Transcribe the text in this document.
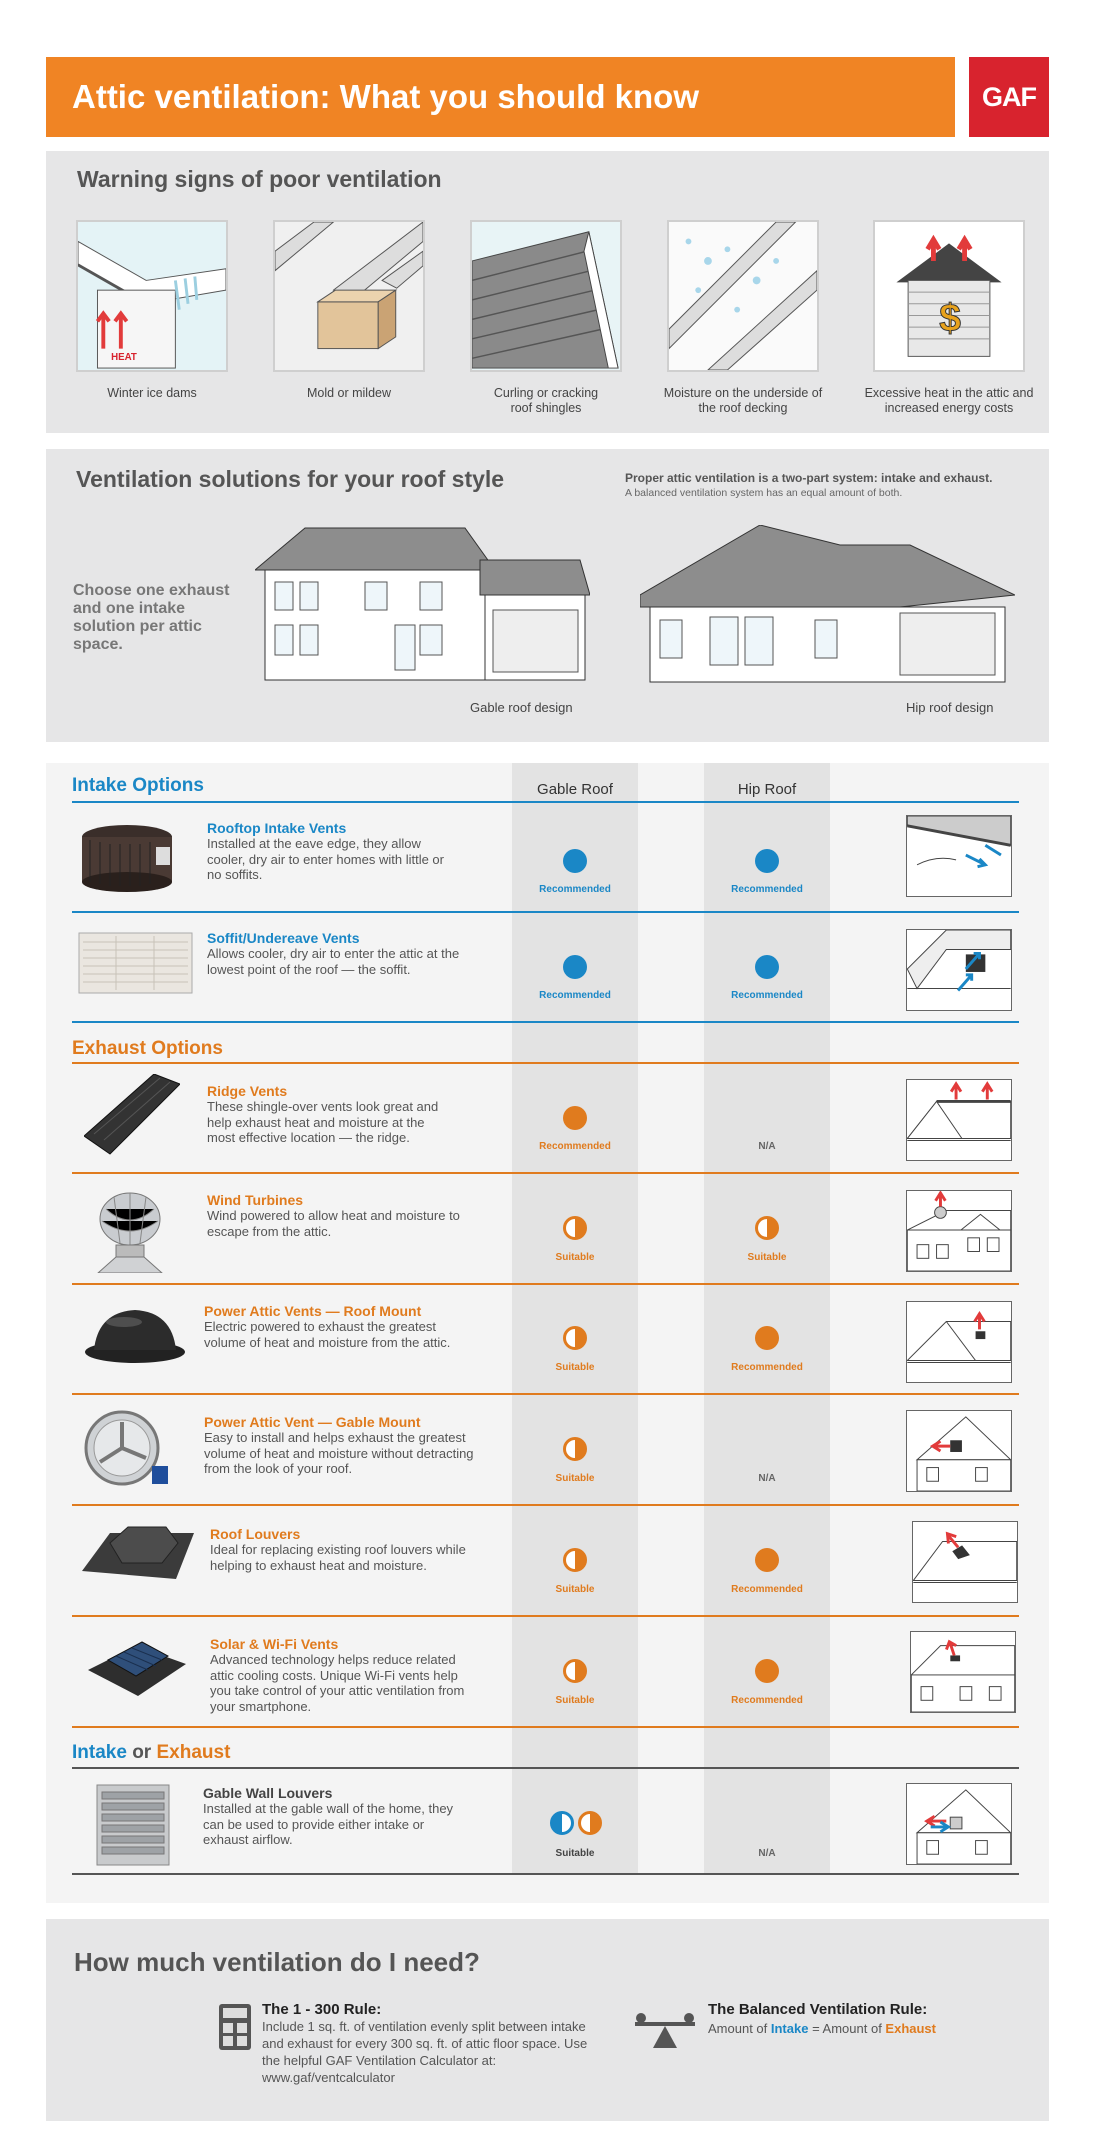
Attic ventilation: What you should know	GAF
Warning signs of poor ventilation
HEAT
$
Winter ice dams	Mold or mildew	Curling or cracking roof shingles
Moisture on the underside of the roof decking
Excessive heat in the attic and increased energy costs
Ventilation solutions for your roof style	Proper attic ventilation is a two-part system: intake and exhaust.
A balanced ventilation system has an equal amount of both.
Choose one exhaust and one intake solution per attic space.
Gable roof design	Hip roof design
Gable Roof	Hip Roof
Intake Options
Rooftop Intake Vents
Installed at the eave edge, they allow cooler, dry air to enter homes with little or no soffits.
Recommended	Recommended
Soffit/Undereave Vents
Allows cooler, dry air to enter the attic at the lowest point of the roof — the soffit.
Recommended	Recommended
Exhaust Options
Ridge Vents
These shingle-over vents look great and help exhaust heat and moisture at the most effective location — the ridge.
Recommended	N/A
Wind Turbines
Wind powered to allow heat and moisture to escape from the attic.
Suitable	Suitable
Power Attic Vents — Roof Mount
Electric powered to exhaust the greatest volume of heat and moisture from the attic.
Suitable	Recommended
Power Attic Vent — Gable Mount
Easy to install and helps exhaust the greatest volume of heat and moisture without detracting from the look of your roof.
Suitable	N/A
Roof Louvers
Ideal for replacing existing roof louvers while helping to exhaust heat and moisture.
Suitable	Recommended
Solar & Wi-Fi Vents
Advanced technology helps reduce related attic cooling costs. Unique Wi-Fi vents help you take control of your attic ventilation from your smartphone.	Suitable	Recommended
Intake or Exhaust
Gable Wall Louvers
Installed at the gable wall of the home, they can be used to provide either intake or exhaust airflow.
Suitable	N/A
How much ventilation do I need?
The 1 - 300 Rule:
Include 1 sq. ft. of ventilation evenly split between intake and exhaust for every 300 sq. ft. of attic floor space. Use the helpful GAF Ventilation Calculator at: www.gaf/ventcalculator
The Balanced Ventilation Rule:
Amount of Intake = Amount of Exhaust
